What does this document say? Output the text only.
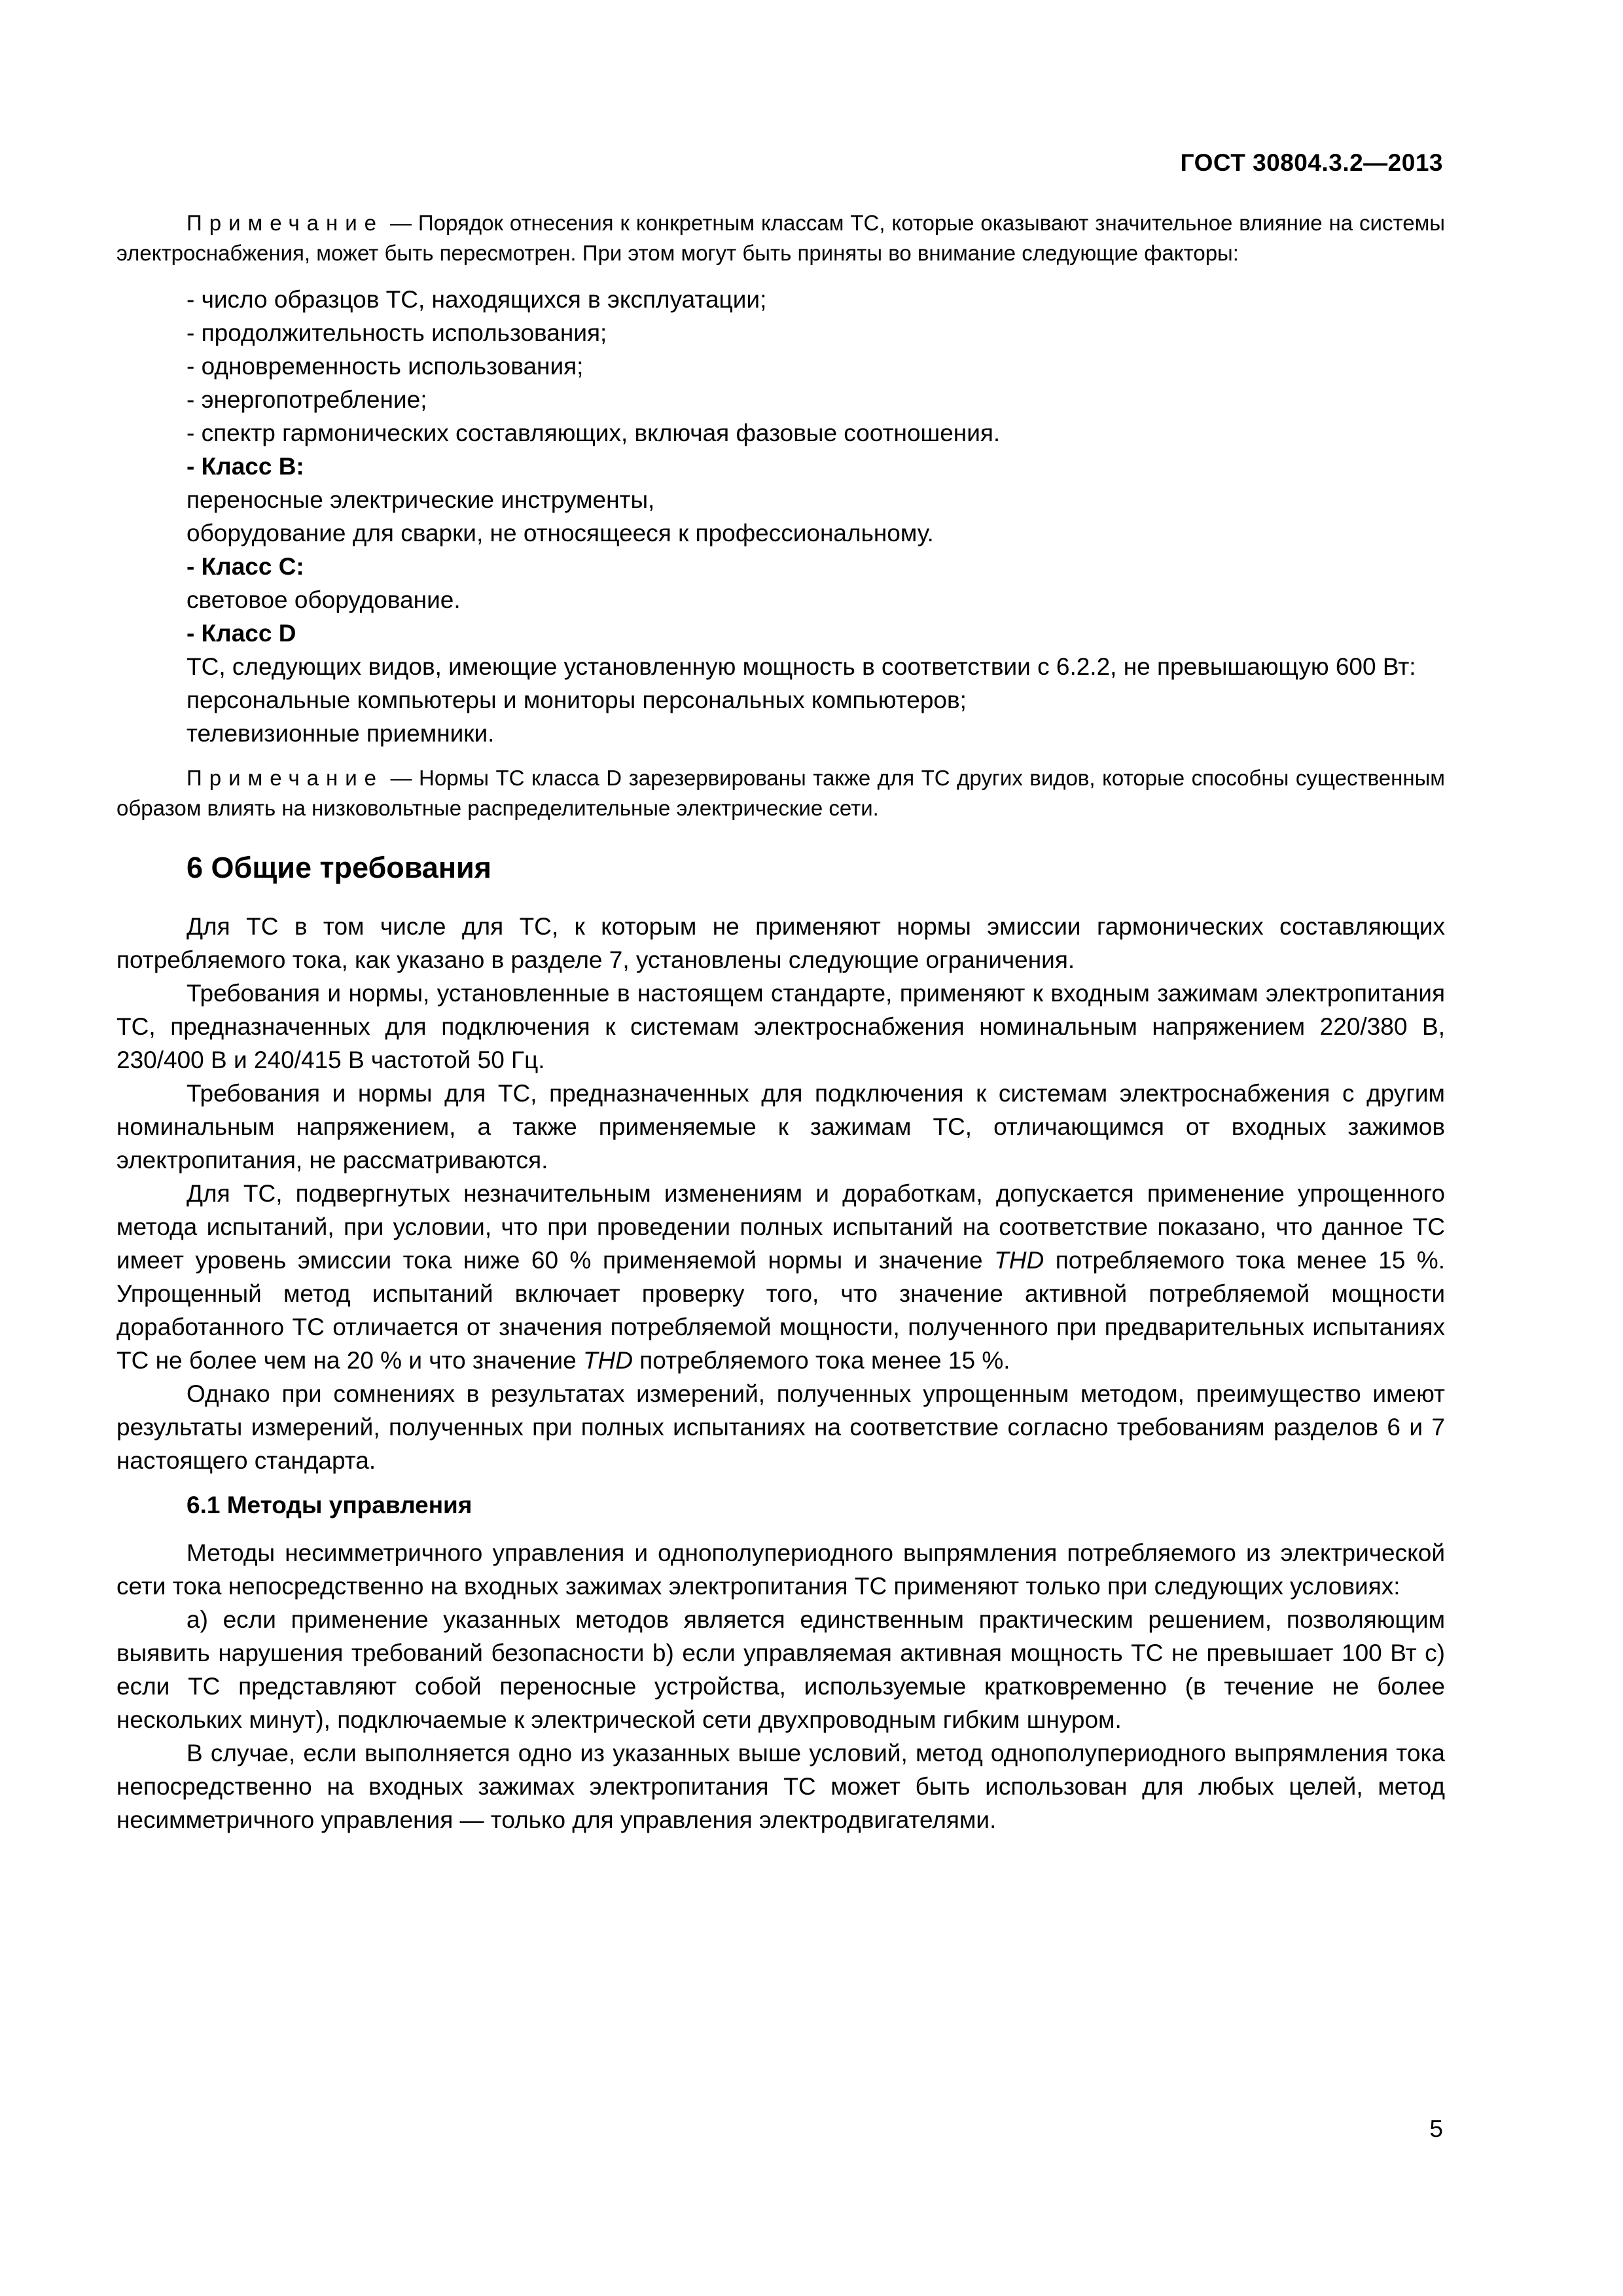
ГОСТ 30804.3.2—2013

Примечание — Порядок отнесения к конкретным классам ТС, которые оказывают значительное влияние на системы электроснабжения, может быть пересмотрен. При этом могут быть приняты во внимание следующие факторы:

- число образцов ТС, находящихся в эксплуатации;
- продолжительность использования;
- одновременность использования;
- энергопотребление;
- спектр гармонических составляющих, включая фазовые соотношения.

- Класс В:

переносные электрические инструменты,

оборудование для сварки, не относящееся к профессиональному.

- Класс С:

световое оборудование.

- Класс D

ТС, следующих видов, имеющие установленную мощность в соответствии с 6.2.2, не превышающую 600 Вт:

персональные компьютеры и мониторы персональных компьютеров;

телевизионные приемники.

Примечание — Нормы ТС класса D зарезервированы также для ТС других видов, которые способны существенным образом влиять на низковольтные распределительные электрические сети.

6 Общие требования

Для ТС в том числе для ТС, к которым не применяют нормы эмиссии гармонических составляющих потребляемого тока, как указано в разделе 7, установлены следующие ограничения.

Требования и нормы, установленные в настоящем стандарте, применяют к входным зажимам электропитания ТС, предназначенных для подключения к системам электроснабжения номинальным напряжением 220/380 В, 230/400 В и 240/415 В частотой 50 Гц.

Требования и нормы для ТС, предназначенных для подключения к системам электроснабжения с другим номинальным напряжением, а также применяемые к зажимам ТС, отличающимся от входных зажимов электропитания, не рассматриваются.

Для ТС, подвергнутых незначительным изменениям и доработкам, допускается применение упрощенного метода испытаний, при условии, что при проведении полных испытаний на соответствие показано, что данное ТС имеет уровень эмиссии тока ниже 60 % применяемой нормы и значение THD потребляемого тока менее 15 %. Упрощенный метод испытаний включает проверку того, что значение активной потребляемой мощности доработанного ТС отличается от значения потребляемой мощности, полученного при предварительных испытаниях ТС не более чем на 20 % и что значение THD потребляемого тока менее 15 %.

Однако при сомнениях в результатах измерений, полученных упрощенным методом, преимущество имеют результаты измерений, полученных при полных испытаниях на соответствие согласно требованиям разделов 6 и 7 настоящего стандарта.

6.1 Методы управления

Методы несимметричного управления и однополупериодного выпрямления потребляемого из электрической сети тока непосредственно на входных зажимах электропитания ТС применяют только при следующих условиях:

а) если применение указанных методов является единственным практическим решением, позволяющим выявить нарушения требований безопасности b) если управляемая активная мощность ТС не превышает 100 Вт с) если ТС представляют собой переносные устройства, используемые кратковременно (в течение не более нескольких минут), подключаемые к электрической сети двухпроводным гибким шнуром.

В случае, если выполняется одно из указанных выше условий, метод однополупериодного выпрямления тока непосредственно на входных зажимах электропитания ТС может быть использован для любых целей, метод несимметричного управления — только для управления электродвигателями.

5
